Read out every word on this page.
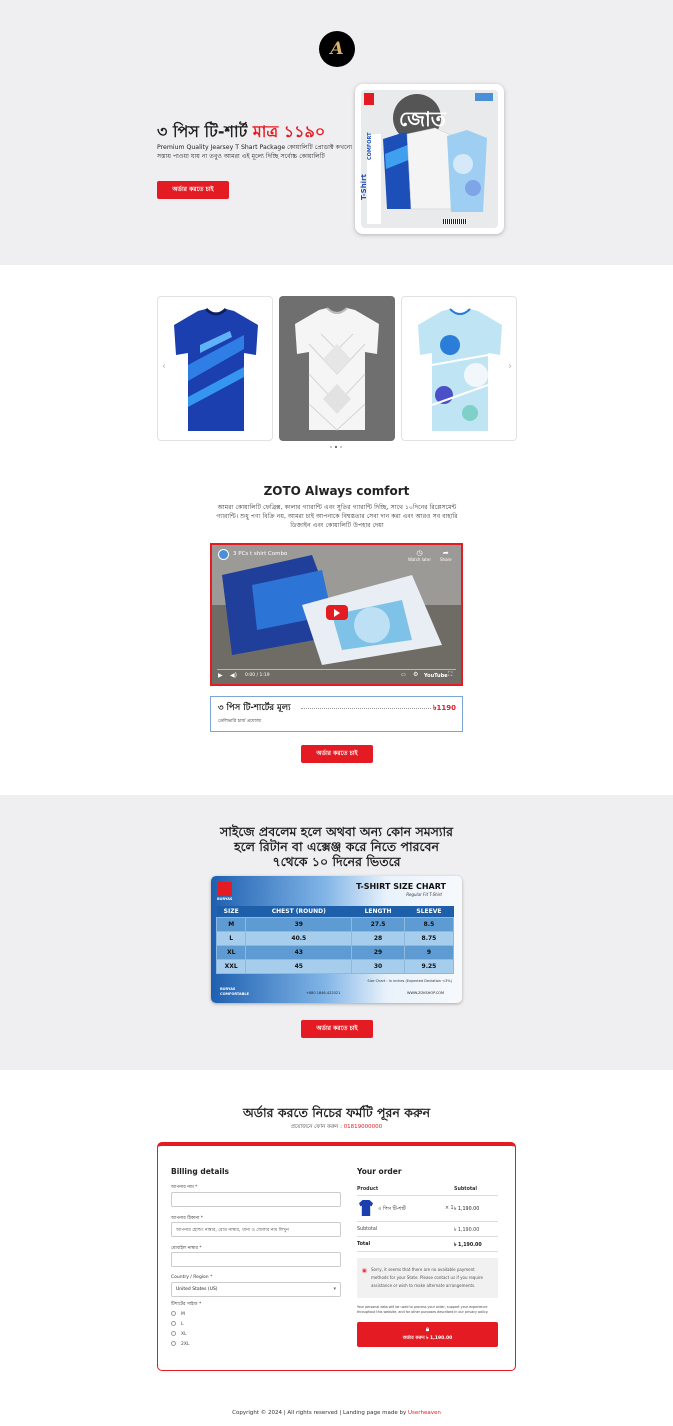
A
৩ পিস টি-শার্ট মাত্র ১১৯০
Premium Quality Jearsey T Shart Package কোয়ালিটি প্রোডাক্ট কখনো সস্তায় পাওয়া যায় না তবুও আমরা এই মূল্যে দিচ্ছি সর্বোচ্চ কোয়ালিটি
অর্ডার করতে চাই
জোত
T-Shirt
COMFORT
‹	›
ZOTO Always comfort
আমরা কোয়ালিটি ফেব্রিক্স, কালার গ্যারান্টি এবং সুতির গ্যারান্টি দিচ্ছি, সাথে ১০দিনের রিপ্লেসমেন্ট গ্যারান্টি। শুধু পণ্য বিক্রি নয়, আমরা চাই আপনাকে বিশ্বস্ততার সেবা দান করা এবং আরও সব বাহারি ডিজাইন এবং কোয়ালিটি উপহার দেয়া
3 PCs t shirt Combo	◷
Watch later
➦
Share
▶ ◀) 0:00 / 1:19	▭ ⚙ YouTube ⛶
৩ পিস টি-শার্টের মূল্য	৳1190
ডেলিভারি চার্জ প্রযোজ্য
অর্ডার করতে চাই
সাইজে প্রবলেম হলে অথবা অন্য কোন সমস্যার
হলে রিটান বা এক্সেঞ্জ করে নিতে পারবেন
৭থেকে ১০ দিনের ভিতরে
BURYAS
T-SHIRT SIZE CHART
Regular Fit T-Shirt
SIZE	CHEST (ROUND)	LENGTH	SLEEVE
M	39	27.5	8.5
L	40.5	28	8.75
XL	43	29	9
XXL	45	30	9.25
Size Chart : In inches (Expected Deviation <3%)
BURYAS COMFORTABLE	+880 1846-422021	WWW.ZOKSHOP.COM
অর্ডার করতে চাই
অর্ডার করতে নিচের ফর্মটি পূরন করুন
প্রয়োজনে ফোন করুন : 01819000000
Billing details
আপনার নাম *
আপনার ঠিকানা *
আপনার হোল্ডং নাম্বার, রোড নাম্বার, থানা ও জেলার নাম লিখুন
মোবাইল নাম্বার *
Country / Region *
United States (US)	▾
টিশার্টের সাইজ *
M
L
XL
2XL
Your order
Product	Subtotal
৩ পিস টি-শার্ট	× 1 ৳ 1,190.00
Subtotal	৳ 1,190.00
Total	৳ 1,190.00
▣ Sorry, it seems that there are no available payment methods for your State. Please contact us if you require assistance or wish to make alternate arrangements.
Your personal data will be used to process your order, support your experience throughout this website, and for other purposes described in our privacy policy.
🔒︎
অর্ডার করুন ৳ 1,190.00
Copyright © 2024 | All rights reserved | Landing page made by Userheaven
